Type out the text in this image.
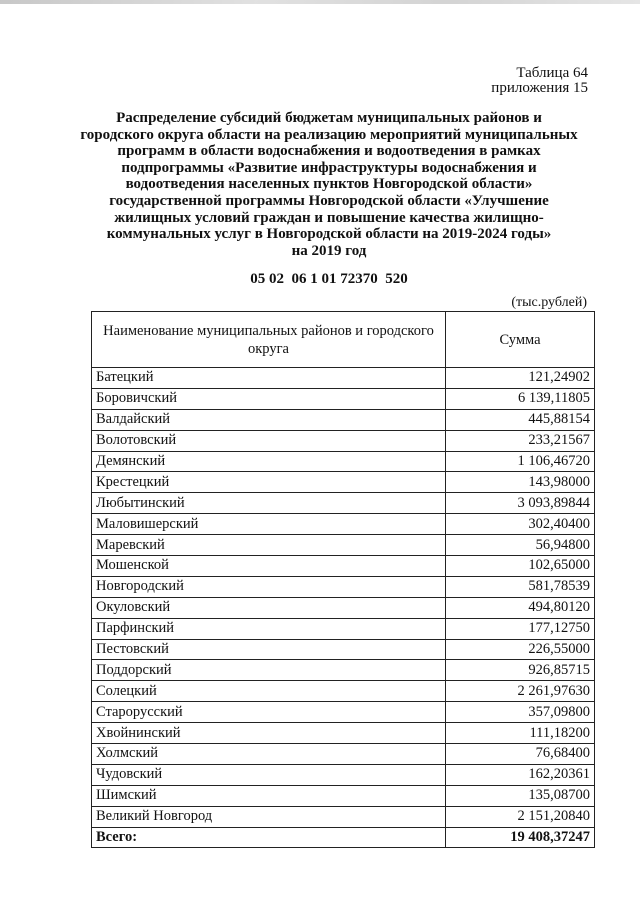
Таблица 64
приложения 15
Распределение субсидий бюджетам муниципальных районов и
городского округа области на реализацию мероприятий муниципальных
программ в области водоснабжения и водоотведения в рамках
подпрограммы «Развитие инфраструктуры водоснабжения и
водоотведения населенных пунктов Новгородской области»
государственной программы Новгородской области «Улучшение
жилищных условий граждан и повышение качества жилищно-
коммунальных услуг в Новгородской области на 2019-2024 годы»
на 2019 год
05 02  06 1 01 72370  520
(тыс.рублей)
Наименование муниципальных районов и городского округа	Сумма
Батецкий	121,24902
Боровичский	6 139,11805
Валдайский	445,88154
Волотовский	233,21567
Демянский	1 106,46720
Крестецкий	143,98000
Любытинский	3 093,89844
Маловишерский	302,40400
Маревский	56,94800
Мошенской	102,65000
Новгородский	581,78539
Окуловский	494,80120
Парфинский	177,12750
Пестовский	226,55000
Поддорский	926,85715
Солецкий	2 261,97630
Старорусский	357,09800
Хвойнинский	111,18200
Холмский	76,68400
Чудовский	162,20361
Шимский	135,08700
Великий Новгород	2 151,20840
Всего:	19 408,37247
